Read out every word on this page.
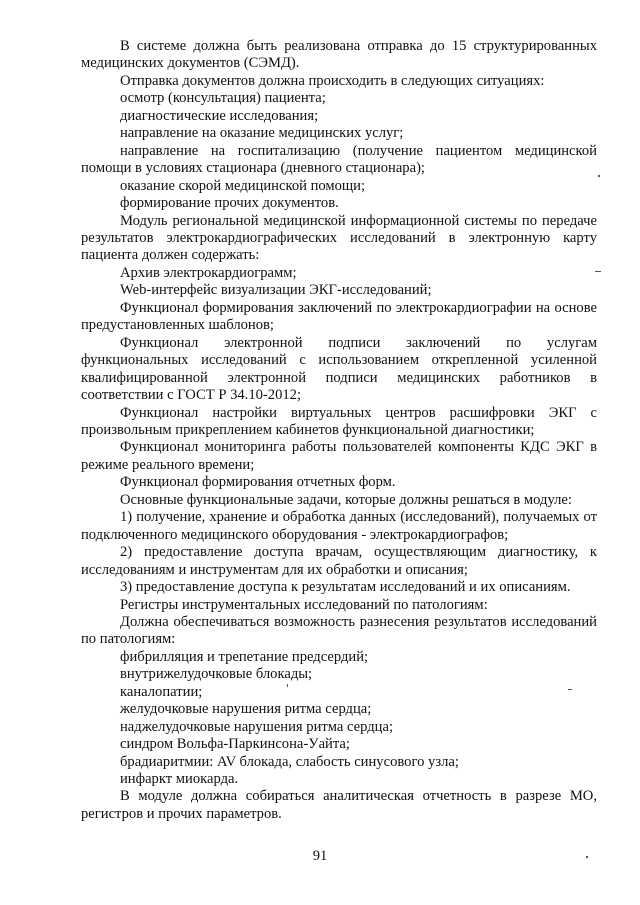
В системе должна быть реализована отправка до 15 структурированных медицинских документов (СЭМД).

Отправка документов должна происходить в следующих ситуациях:

осмотр (консультация) пациента;

диагностические исследования;

направление на оказание медицинских услуг;

направление на госпитализацию (получение пациентом медицинской помощи в условиях стационара (дневного стационара);

оказание скорой медицинской помощи;

формирование прочих документов.

Модуль региональной медицинской информационной системы по передаче результатов электрокардиографических исследований в электронную карту пациента должен содержать:

Архив электрокардиограмм;

Web-интерфейс визуализации ЭКГ-исследований;

Функционал формирования заключений по электрокардиографии на основе предустановленных шаблонов;

Функционал электронной подписи заключений по услугам функциональных исследований с использованием открепленной усиленной квалифицированной электронной подписи медицинских работников в соответствии с ГОСТ Р 34.10-2012;

Функционал настройки виртуальных центров расшифровки ЭКГ с произвольным прикреплением кабинетов функциональной диагностики;

Функционал мониторинга работы пользователей компоненты КДС ЭКГ в режиме реального времени;

Функционал формирования отчетных форм.

Основные функциональные задачи, которые должны решаться в модуле:

1) получение, хранение и обработка данных (исследований), получаемых от подключенного медицинского оборудования - электрокардиографов;

2) предоставление доступа врачам, осуществляющим диагностику, к исследованиям и инструментам для их обработки и описания;

3) предоставление доступа к результатам исследований и их описаниям.

Регистры инструментальных исследований по патологиям:

Должна обеспечиваться возможность разнесения результатов исследований по патологиям:

фибрилляция и трепетание предсердий;

внутрижелудочковые блокады;

каналопатии;

желудочковые нарушения ритма сердца;

наджелудочковые нарушения ритма сердца;

синдром Вольфа-Паркинсона-Уайта;

брадиаритмии: AV блокада, слабость синусового узла;

инфаркт миокарда.

В модуле должна собираться аналитическая отчетность в разрезе МО, регистров и прочих параметров.

91
